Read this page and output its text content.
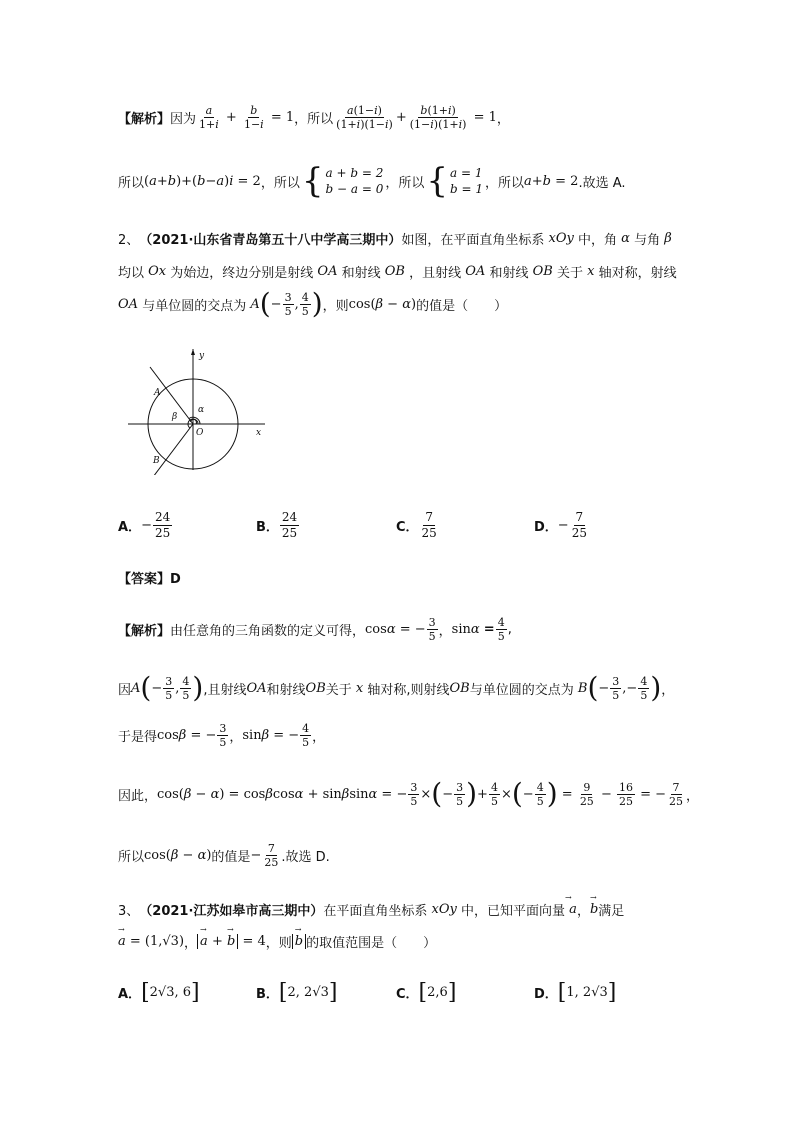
【解析】 因为 $\frac{a}{1+i} + \frac{b}{1-i} = 1$ ，所以 $\frac{a(1-i)}{(1+i)(1-i)} + \frac{b(1+i)}{(1-i)(1+i)} = 1$ ，
所以 (a+b)+(b−a)i = 2 ，所以 { a + b = 2
b − a = 0 ，所以 { a = 1
b = 1 ，所以 a + b = 2 .故选 A.
2、 （2021·山东省青岛第五十八中学高三期中） 如图，在平面直角坐标系 xOy 中，角 α 与角 β
均以 Ox 为始边，终边分别是射线 OA 和射线 OB ，且射线 OA 和射线 OB 关于 x 轴对称，射线
OA 与单位圆的交点为 A ( − $\frac{3}{5}$ , $\frac{4}{5}$ ) ，则 cos(β − α) 的值是（　　）
A
B
O	x
y
α
β
A． − $\frac{24}{25}$	B． $\frac{24}{25}$	C． $\frac{7}{25}$	D． − $\frac{7}{25}$
【答案】D
【解析】 由任意角的三角函数的定义可得， cosα = − $\frac{3}{5}$ ， $\sin\alpha = \frac{4}{5}$ ,
因 A ( − $\frac{3}{5}$ , $\frac{4}{5}$ ) ,且射线 OA 和射线 OB 关于 x 轴对称,则射线 OB 与单位圆的交点为 B ( − $\frac{3}{5}$ ,− $\frac{4}{5}$ ) ，
于是得 cosβ = − $\frac{3}{5}$ ， sinβ = − $\frac{4}{5}$ ，
因此， cos(β − α) = cosβcosα + sinβsinα = − $\frac{3}{5}$ × ( − $\frac{3}{5}$ ) + $\frac{4}{5}$ × ( − $\frac{4}{5}$ ) = $\frac{9}{25} - \frac{16}{25}$ = − $\frac{7}{25}$ ，
所以 cos(β − α) 的值是 − $\frac{7}{25}$ .故选 D.
3、 （2021·江苏如皋市高三期中） 在平面直角坐标系 xOy 中，已知平面向量 →  a ， → b 满足
→ a = (1,√3) ， → a + → b = 4 ，则 → b 的取值范围是（　　）
A． [ 2√3, 6 ]	B． [ 2, 2√3 ]	C． [ 2,6 ]	D． [ 1, 2√3 ]
